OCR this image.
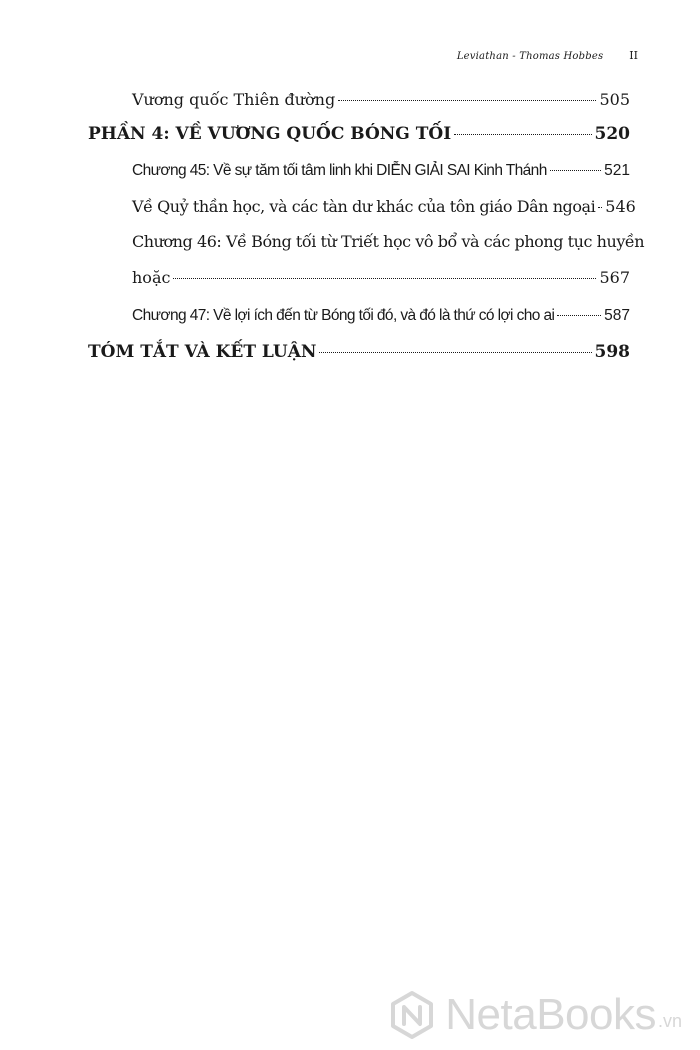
Leviathan - Thomas Hobbes II
Vương quốc Thiên đường	505
PHẦN 4: VỀ VƯƠNG QUỐC BÓNG TỐI	520
Chương 45: Về sự tăm tối tâm linh khi DIỄN GIẢI SAI Kinh Thánh	521
Về Quỷ thần học, và các tàn dư khác của tôn giáo Dân ngoại 546
Chương 46: Về Bóng tối từ Triết học vô bổ và các phong tục huyền
hoặc	567
Chương 47: Về lợi ích đến từ Bóng tối đó, và đó là thứ có lợi cho ai	587
TÓM TẮT VÀ KẾT LUẬN	598
NetaBooks .vn
